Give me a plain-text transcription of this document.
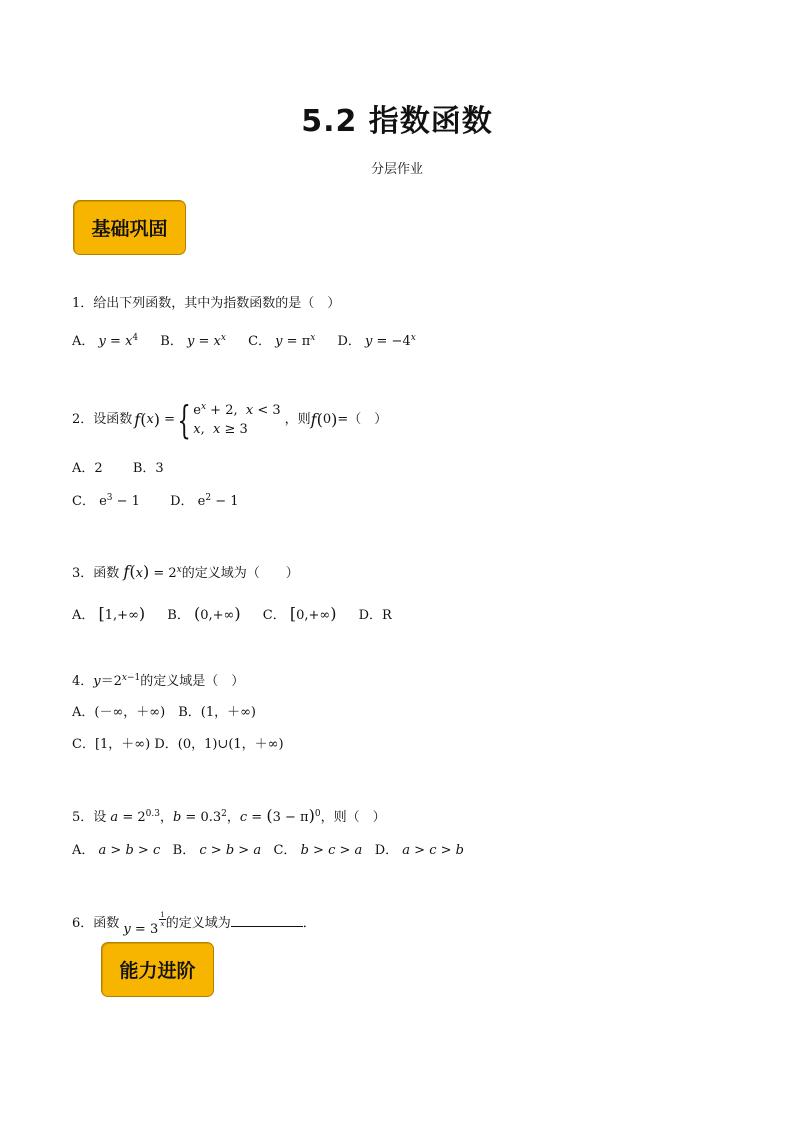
5.2 指数函数
分层作业
基础巩固
1．给出下列函数，其中为指数函数的是（　）
A． $y = x^4$ B． $y = x^x$ C． $y = \pi^x$ D． $y = -4^x$
2．设函数 f ( x ) = { $e^x + 2$,  x < 3
x,  x ≥ 3
，则 f ( 0 ) =（　）
A．2 B．3
C． $e^3 - 1$ D． $e^2 - 1$
3．函数 $f(x) = 2^x$的定义域为（　　）
A． [1,+∞) B． (0,+∞) C． [0,+∞) D．R
4．$y=2^{x-1}$的定义域是（　）
A．(－∞，＋∞)　B．(1，＋∞)
C．[1，＋∞) D．(0，1)∪(1，＋∞)
5．设 $a = 2^{0.3}$，$b = 0.3^2$，$c = (3 - \pi)^0$，则（　）
A． a > b > c B． c > b > a C． b > c > a D． a > c > b
6．函数 y = 3
$\frac{1}{x}$ 的定义域为	．
能力进阶
